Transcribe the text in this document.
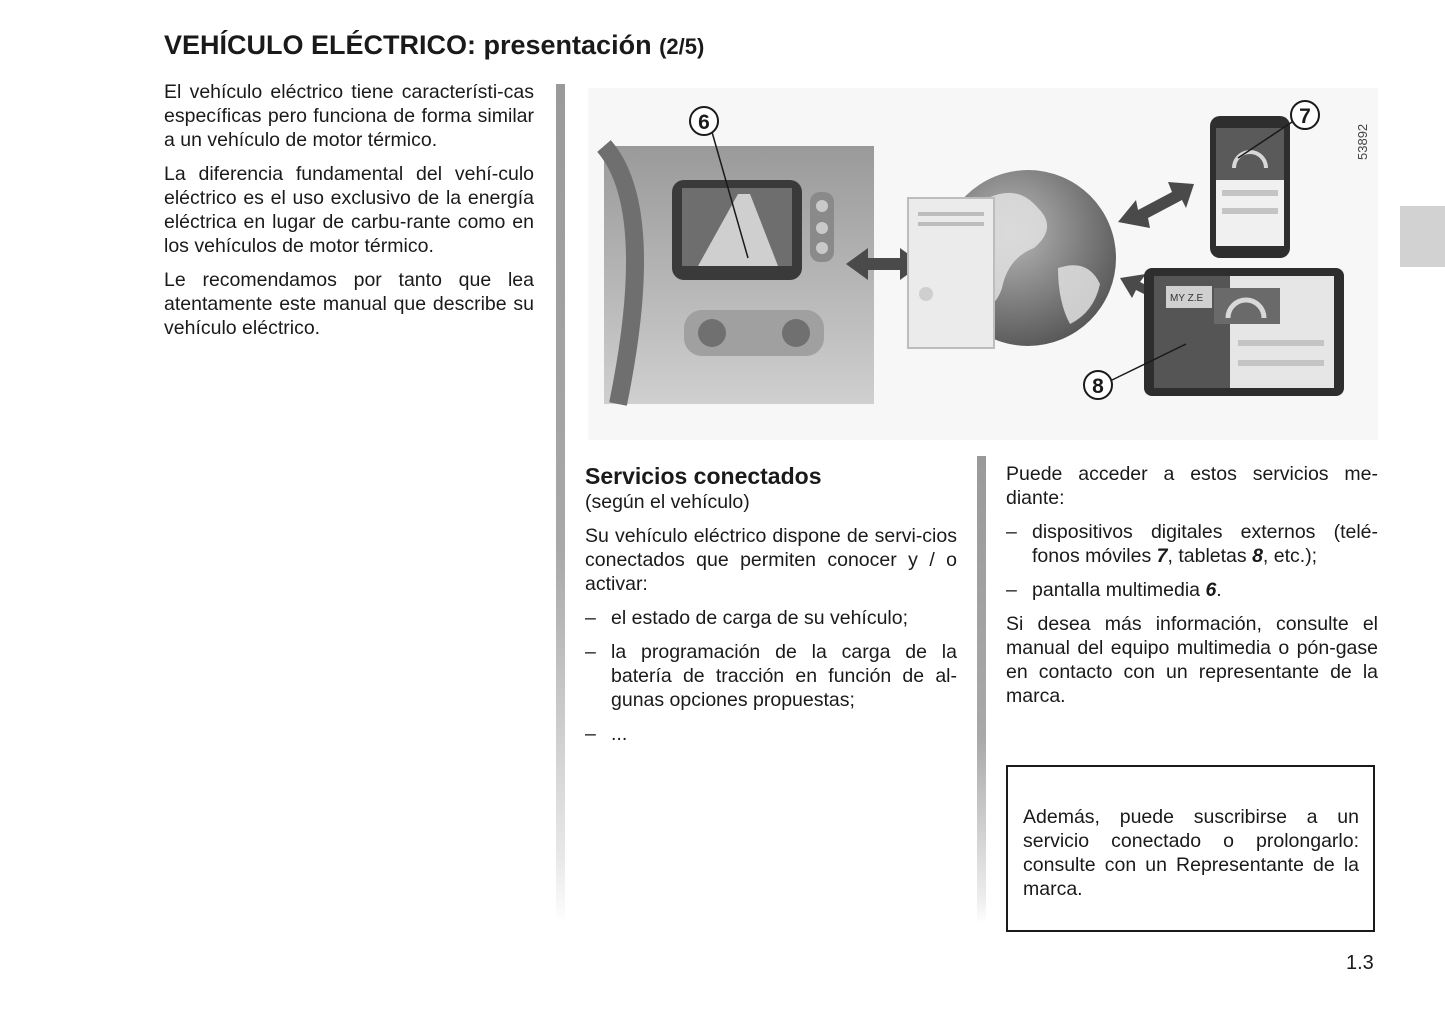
VEHÍCULO ELÉCTRICO: presentación (2/5)

El vehículo eléctrico tiene característi-cas específicas pero funciona de forma similar a un vehículo de motor térmico.

La diferencia fundamental del vehí-culo eléctrico es el uso exclusivo de la energía eléctrica en lugar de carbu-rante como en los vehículos de motor térmico.

Le recomendamos por tanto que lea atentamente este manual que describe su vehículo eléctrico.

MY Z.E
6	7
8
53892
Servicios conectados

(según el vehículo)

Su vehículo eléctrico dispone de servi-cios conectados que permiten conocer y / o activar:

– el estado de carga de su vehículo;
– la programación de la carga de la batería de tracción en función de al-gunas opciones propuestas;
– ...

Puede acceder a estos servicios me-diante:

– dispositivos digitales externos (telé-fonos móviles 7, tabletas 8, etc.);
– pantalla multimedia 6.

Si desea más información, consulte el manual del equipo multimedia o pón-gase en contacto con un representante de la marca.

Además, puede suscribirse a un servicio conectado o prolongarlo: consulte con un Representante de la marca.
1.3
